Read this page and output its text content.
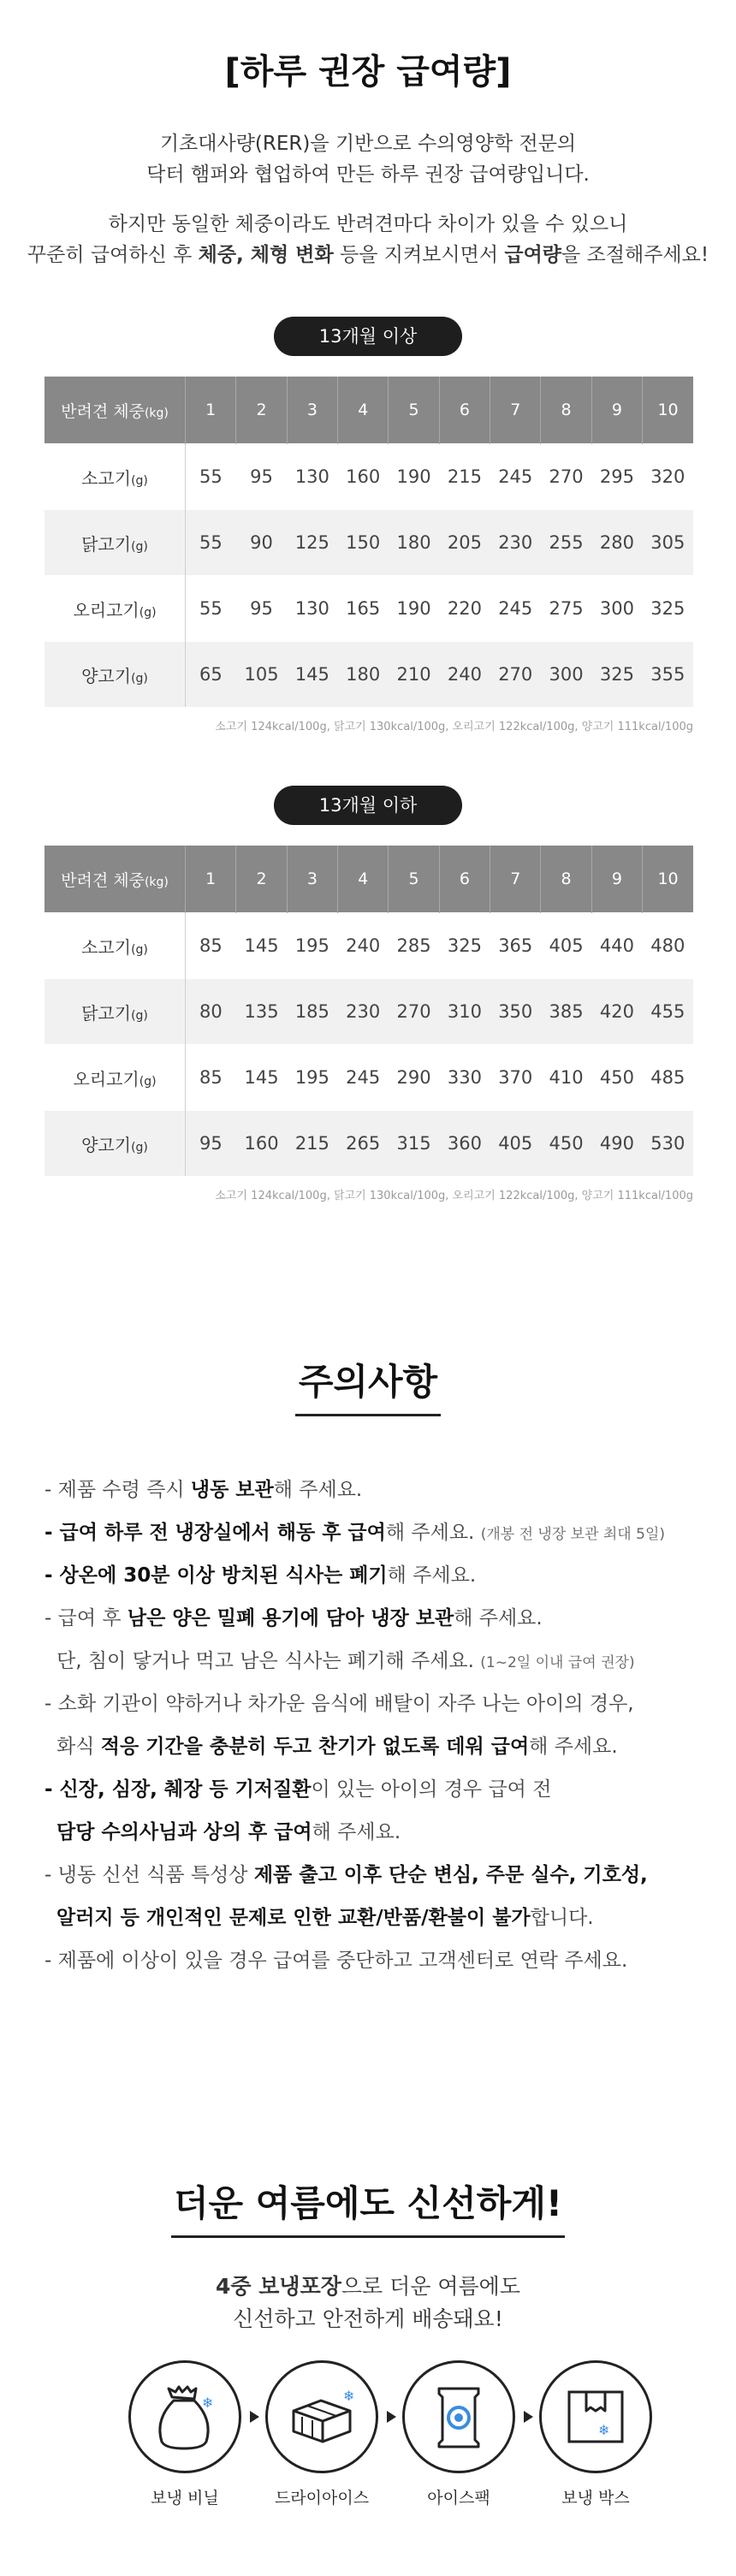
[하루 권장 급여량]
기초대사량(RER)을 기반으로 수의영양학 전문의
닥터 햄퍼와 협업하여 만든 하루 권장 급여량입니다.
하지만 동일한 체중이라도 반려견마다 차이가 있을 수 있으니
꾸준히 급여하신 후 체중, 체형 변화 등을 지켜보시면서 급여량을 조절해주세요!
13개월 이상
반려견 체중(kg)	1	2	3	4	5	6	7	8	9	10
소고기(g)	55	95	130	160	190	215	245	270	295	320
닭고기(g)	55	90	125	150	180	205	230	255	280	305
오리고기(g)	55	95	130	165	190	220	245	275	300	325
양고기(g)	65	105	145	180	210	240	270	300	325	355
소고기 124kcal/100g, 닭고기 130kcal/100g, 오리고기 122kcal/100g, 양고기 111kcal/100g
13개월 이하
반려견 체중(kg)	1	2	3	4	5	6	7	8	9	10
소고기(g)	85	145	195	240	285	325	365	405	440	480
닭고기(g)	80	135	185	230	270	310	350	385	420	455
오리고기(g)	85	145	195	245	290	330	370	410	450	485
양고기(g)	95	160	215	265	315	360	405	450	490	530
소고기 124kcal/100g, 닭고기 130kcal/100g, 오리고기 122kcal/100g, 양고기 111kcal/100g
주의사항
- 제품 수령 즉시 냉동 보관해 주세요.
- 급여 하루 전 냉장실에서 해동 후 급여해 주세요. (개봉 전 냉장 보관 최대 5일)
- 상온에 30분 이상 방치된 식사는 폐기해 주세요.
- 급여 후 남은 양은 밀폐 용기에 담아 냉장 보관해 주세요.
단, 침이 닿거나 먹고 남은 식사는 폐기해 주세요. (1~2일 이내 급여 권장)
- 소화 기관이 약하거나 차가운 음식에 배탈이 자주 나는 아이의 경우,
화식 적응 기간을 충분히 두고 찬기가 없도록 데워 급여해 주세요.
- 신장, 심장, 췌장 등 기저질환이 있는 아이의 경우 급여 전
담당 수의사님과 상의 후 급여해 주세요.
- 냉동 신선 식품 특성상 제품 출고 이후 단순 변심, 주문 실수, 기호성,
알러지 등 개인적인 문제로 인한 교환/반품/환불이 불가합니다.
- 제품에 이상이 있을 경우 급여를 중단하고 고객센터로 연락 주세요.
더운 여름에도 신선하게!
4중 보냉포장으로 더운 여름에도
신선하고 안전하게 배송돼요!
❄
보냉 비닐
❄
드라이아이스	아이스팩
❄
보냉 박스
